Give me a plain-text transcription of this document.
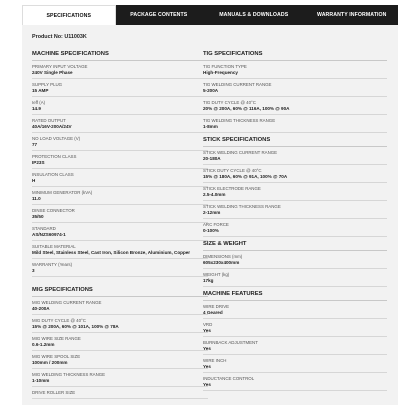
SPECIFICATIONS	PACKAGE CONTENTS	MANUALS & DOWNLOADS	WARRANTY INFORMATION
Product No: U11003K
MACHINE SPECIFICATIONS
PRIMARY INPUT VOLTAGE
240V Single Phase
SUPPLY PLUG
15 AMP
Ieff (A)
14.9
RATED OUTPUT
40A/16V-200A/24V
NO LOAD VOLTAGE (V)
77
PROTECTION CLASS
IP23S
INSULATION CLASS
H
MINIMUM GENERATOR (kVA)
11.0
DINSE CONNECTOR
35/50
STANDARD
AS/NZS60974-1
SUITABLE MATERIAL
Mild Steel, Stainless Steel, Cast Iron, Silicon Bronze, Aluminium, Copper
WARRANTY (Years)
3
MIG SPECIFICATIONS
MIG WELDING CURRENT RANGE
40-200A
MIG DUTY CYCLE @ 40°C
15% @ 200A, 60% @ 101A, 100% @ 78A
MIG WIRE SIZE RANGE
0.6-1.2mm
MIG WIRE SPOOL SIZE
100mm / 200mm
MIG WELDING THICKNESS RANGE
1-10mm
DRIVE ROLLER SIZE
TIG SPECIFICATIONS
TIG FUNCTION TYPE
High-Frequency
TIG WELDING CURRENT RANGE
5-200A
TIG DUTY CYCLE @ 40°C
20% @ 200A, 60% @ 116A, 100% @ 90A
TIG WELDING THICKNESS RANGE
1-8mm
STICK SPECIFICATIONS
STICK WELDING CURRENT RANGE
20-180A
STICK DUTY CYCLE @ 40°C
15% @ 180A, 60% @ 91A, 100% @ 70A
STICK ELECTRODE RANGE
2.5-4.0mm
STICK WELDING THICKNESS RANGE
2-12mm
ARC FORCE
0-100%
SIZE & WEIGHT
DIMENSIONS (mm)
605x230x400mm
WEIGHT (kg)
17kg
MACHINE FEATURES
WIRE DRIVE
4 Geared
VRD
Yes
BURNBACK ADJUSTMENT
Yes
WIRE INCH
Yes
INDUCTANCE CONTROL
Yes
